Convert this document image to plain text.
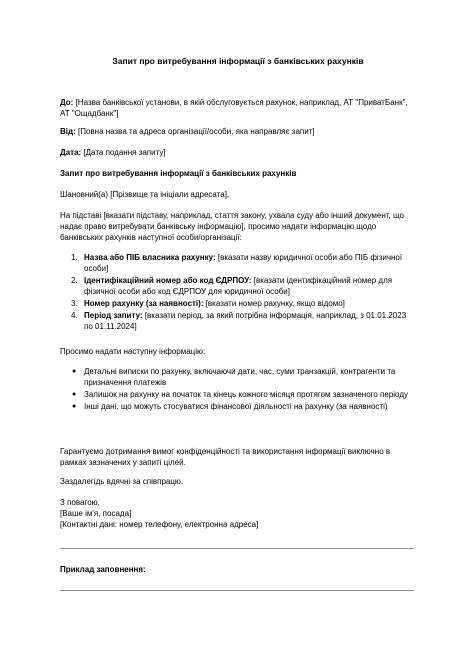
Запит про витребування інформації з банківських рахунків

До: [Назва банківської установи, в якій обслуговується рахунок, наприклад, АТ "ПриватБанк", АТ "Ощадбанк"]

Від: [Повна назва та адреса організації/особи, яка направляє запит]

Дата: [Дата подання запиту]

Запит про витребування інформації з банківських рахунків

Шановний(а) [Прізвище та ініціали адресата],

На підставі [вказати підставу, наприклад, стаття закону, ухвала суду або інший документ, що надає право витребувати банківську інформацію], просимо надати інформацію щодо банківських рахунків наступної особи/організації:

1. Назва або ПІБ власника рахунку: [вказати назву юридичної особи або ПІБ фізичної особи]
2. Ідентифікаційний номер або код ЄДРПОУ: [вказати ідентифікаційний номер для фізичної особи або код ЄДРПОУ для юридичної особи]
3. Номер рахунку (за наявності): [вказати номер рахунку, якщо відомо]
4. Період запиту: [вказати період, за який потрібна інформація, наприклад, з 01.01.2023 по 01.11.2024]

Просимо надати наступну інформацію:

● Детальні виписки по рахунку, включаючи дати, час, суми транзакцій, контрагенти та призначення платежів
● Залишок на рахунку на початок та кінець кожного місяця протягом зазначеного періоду
● Інші дані, що можуть стосуватися фінансової діяльності на рахунку (за наявності)

Гарантуємо дотримання вимог конфіденційності та використання інформації виключно в рамках зазначених у запиті цілей.

Заздалегідь вдячні за співпрацю.

З повагою,
[Ваше ім'я, посада]
[Контактні дані: номер телефону, електронна адреса]

Приклад заповнення:
